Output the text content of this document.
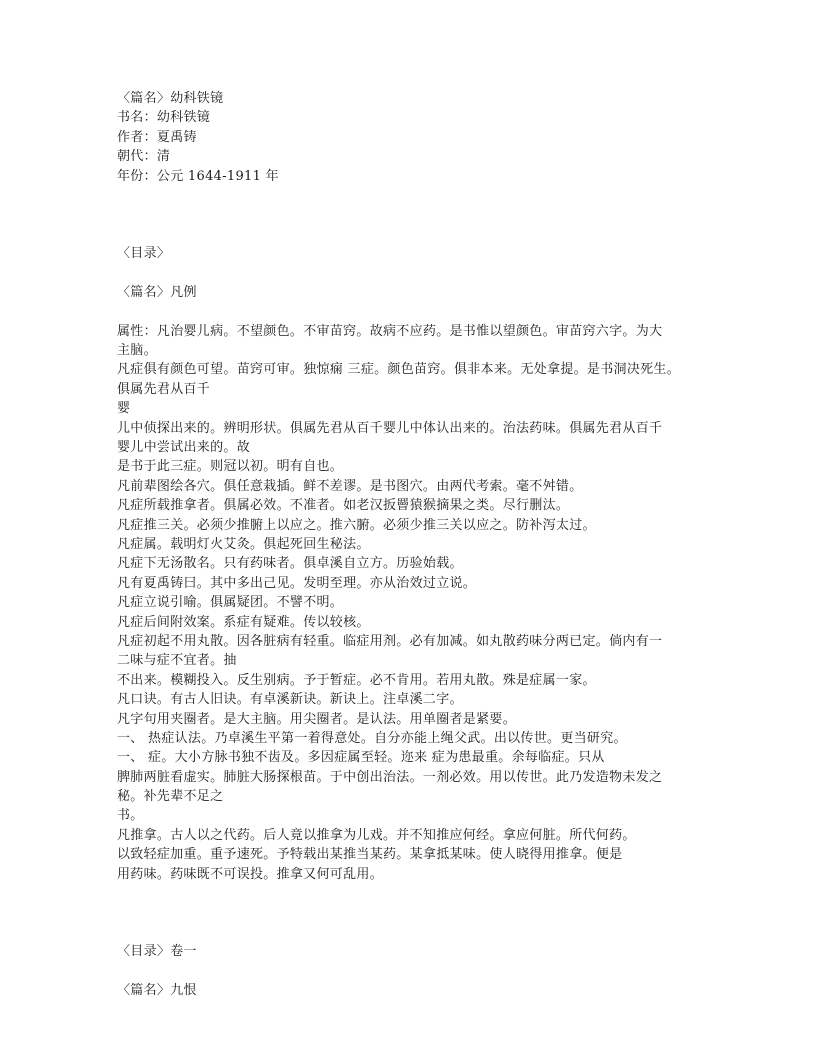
〈篇名〉幼科铁镜
书名：幼科铁镜
作者：夏禹铸
朝代：清
年份：公元 1644-1911 年
〈目录〉
〈篇名〉凡例
属性：凡治婴儿病。不望颜色。不审苗窍。故病不应药。是书惟以望颜色。审苗窍六字。为大
主脑。
凡症俱有颜色可望。苗窍可审。独惊痫 三症。颜色苗窍。俱非本来。无处拿提。是书洞决死生。
俱属先君从百千
婴
儿中侦探出来的。辨明形状。俱属先君从百千婴儿中体认出来的。治法药味。俱属先君从百千
婴儿中尝试出来的。故
是书于此三症。则冠以初。明有自也。
凡前辈图绘各穴。俱任意栽插。鲜不差谬。是书图穴。由两代考索。毫不舛错。
凡症所载推拿者。俱属必效。不准者。如老汉扳罾猿猴摘果之类。尽行删汰。
凡症推三关。必须少推腑上以应之。推六腑。必须少推三关以应之。防补泻太过。
凡症属。载明灯火艾灸。俱起死回生秘法。
凡症下无汤散名。只有药味者。俱卓溪自立方。历验始载。
凡有夏禹铸曰。其中多出己见。发明至理。亦从治效过立说。
凡症立说引喻。俱属疑团。不譬不明。
凡症后间附效案。系症有疑难。传以较核。
凡症初起不用丸散。因各脏病有轻重。临症用剂。必有加减。如丸散药味分两已定。倘内有一
二味与症不宜者。抽
不出来。模糊投入。反生别病。予于暂症。必不肯用。若用丸散。殊是症属一家。
凡口诀。有古人旧诀。有卓溪新诀。新诀上。注卓溪二字。
凡字句用夹圈者。是大主脑。用尖圈者。是认法。用单圈者是紧要。
一、 热症认法。乃卓溪生平第一着得意处。自分亦能上绳父武。出以传世。更当研究。
一、 症。大小方脉书独不齿及。多因症属至轻。迩来 症为患最重。余每临症。只从
脾肺两脏看虚实。肺脏大肠探根苗。于中创出治法。一剂必效。用以传世。此乃发造物未发之
秘。补先辈不足之
书。
凡推拿。古人以之代药。后人竟以推拿为儿戏。并不知推应何经。拿应何脏。所代何药。
以致轻症加重。重予速死。予特载出某推当某药。某拿抵某味。使人晓得用推拿。便是
用药味。药味既不可误投。推拿又何可乱用。
〈目录〉卷一
〈篇名〉九恨
